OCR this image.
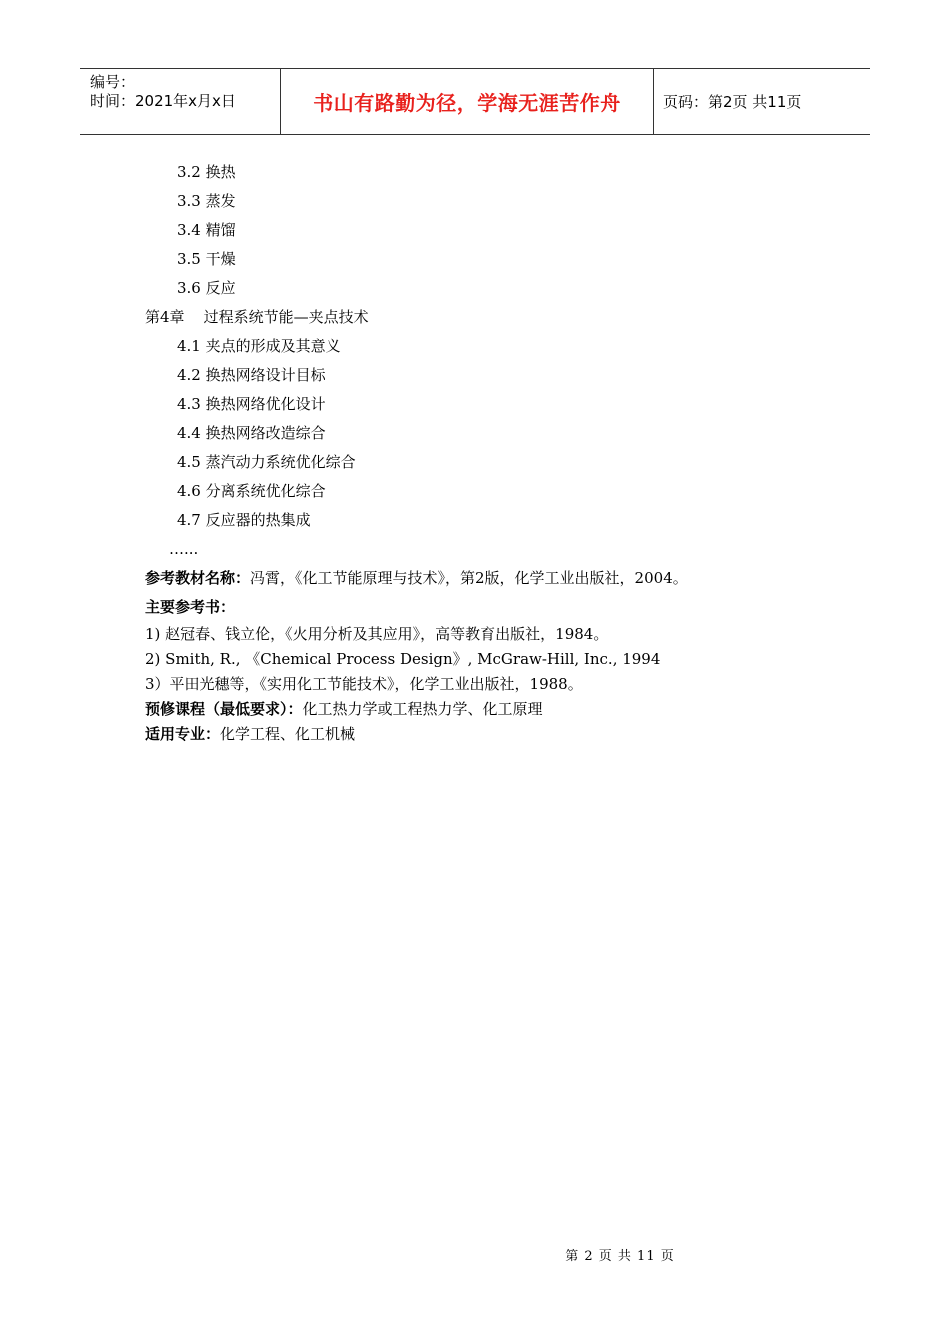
编号：
时间：2021年x月x日	书山有路勤为径，学海无涯苦作舟	页码：第2页 共11页
3.2 换热
3.3 蒸发
3.4 精馏
3.5 干燥
3.6 反应
第4章    过程系统节能—夹点技术
4.1 夹点的形成及其意义
4.2 换热网络设计目标
4.3 换热网络优化设计
4.4 换热网络改造综合
4.5 蒸汽动力系统优化综合
4.6 分离系统优化综合
4.7 反应器的热集成
…...
参考教材名称：冯霄，《化工节能原理与技术》，第2版，化学工业出版社，2004。
主要参考书：
1) 赵冠春、钱立伦，《火用分析及其应用》，高等教育出版社，1984。
2) Smith, R., 《Chemical Process Design》, McGraw-Hill, Inc., 1994
3）平田光穗等，《实用化工节能技术》，化学工业出版社，1988。
预修课程（最低要求）：化工热力学或工程热力学、化工原理
适用专业：化学工程、化工机械
第 2 页 共 11 页
